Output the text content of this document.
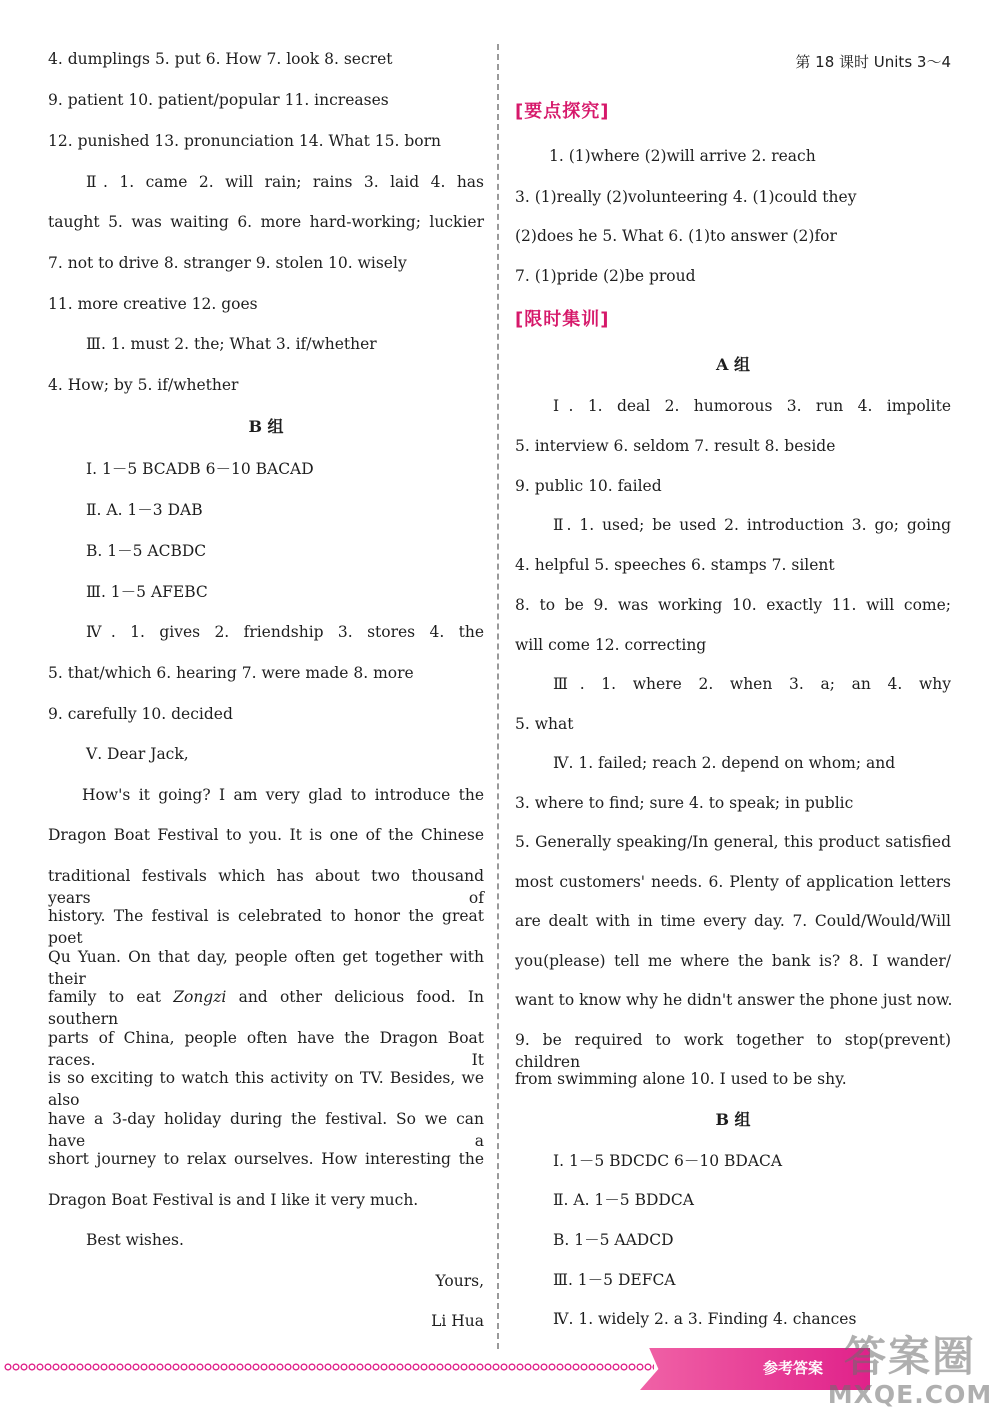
4. dumplings 5. put 6. How 7. look 8. secret
9. patient 10. patient/popular 11. increases
12. punished 13. pronunciation 14. What 15. born
Ⅱ. 1. came 2. will rain; rains 3. laid 4. has
taught 5. was waiting 6. more hard-working; luckier
7. not to drive 8. stranger 9. stolen 10. wisely
11. more creative 12. goes
Ⅲ. 1. must 2. the; What 3. if/whether
4. How; by 5. if/whether
B 组
Ⅰ. 1－5 BCADB 6－10 BACAD
Ⅱ. A. 1－3 DAB
B. 1－5 ACBDC
Ⅲ. 1－5 AFEBC
Ⅳ. 1. gives 2. friendship 3. stores 4. the
5. that/which 6. hearing 7. were made 8. more
9. carefully 10. decided
Ⅴ. Dear Jack,
How's it going? I am very glad to introduce the
Dragon Boat Festival to you. It is one of the Chinese
traditional festivals which has about two thousand years of
history. The festival is celebrated to honor the great poet
Qu Yuan. On that day, people often get together with their
family to eat Zongzi and other delicious food. In southern
parts of China, people often have the Dragon Boat races. It
is so exciting to watch this activity on TV. Besides, we also
have a 3-day holiday during the festival. So we can have a
short journey to relax ourselves. How interesting the
Dragon Boat Festival is and I like it very much.
Best wishes.
Yours,
Li Hua
第 18 课时 Units 3～4
[要点探究]
[限时集训]
1. (1)where (2)will arrive 2. reach
3. (1)really (2)volunteering 4. (1)could they
(2)does he 5. What 6. (1)to answer (2)for
7. (1)pride (2)be proud
A 组
Ⅰ. 1. deal 2. humorous 3. run 4. impolite
5. interview 6. seldom 7. result 8. beside
9. public 10. failed
Ⅱ. 1. used; be used 2. introduction 3. go; going
4. helpful 5. speeches 6. stamps 7. silent
8. to be 9. was working 10. exactly 11. will come;
will come 12. correcting
Ⅲ. 1. where 2. when 3. a; an 4. why
5. what
Ⅳ. 1. failed; reach 2. depend on whom; and
3. where to find; sure 4. to speak; in public
5. Generally speaking/In general, this product satisfied
most customers' needs. 6. Plenty of application letters
are dealt with in time every day. 7. Could/Would/Will
you(please) tell me where the bank is? 8. I wander/
want to know why he didn't answer the phone just now.
9. be required to work together to stop(prevent) children
from swimming alone 10. I used to be shy.
B 组
Ⅰ. 1－5 BDCDC 6－10 BDACA
Ⅱ. A. 1－5 BDDCA
B. 1－5 AADCD
Ⅲ. 1－5 DEFCA
Ⅳ. 1. widely 2. a 3. Finding 4. chances
参考答案 答案圈
MXQE.COM
